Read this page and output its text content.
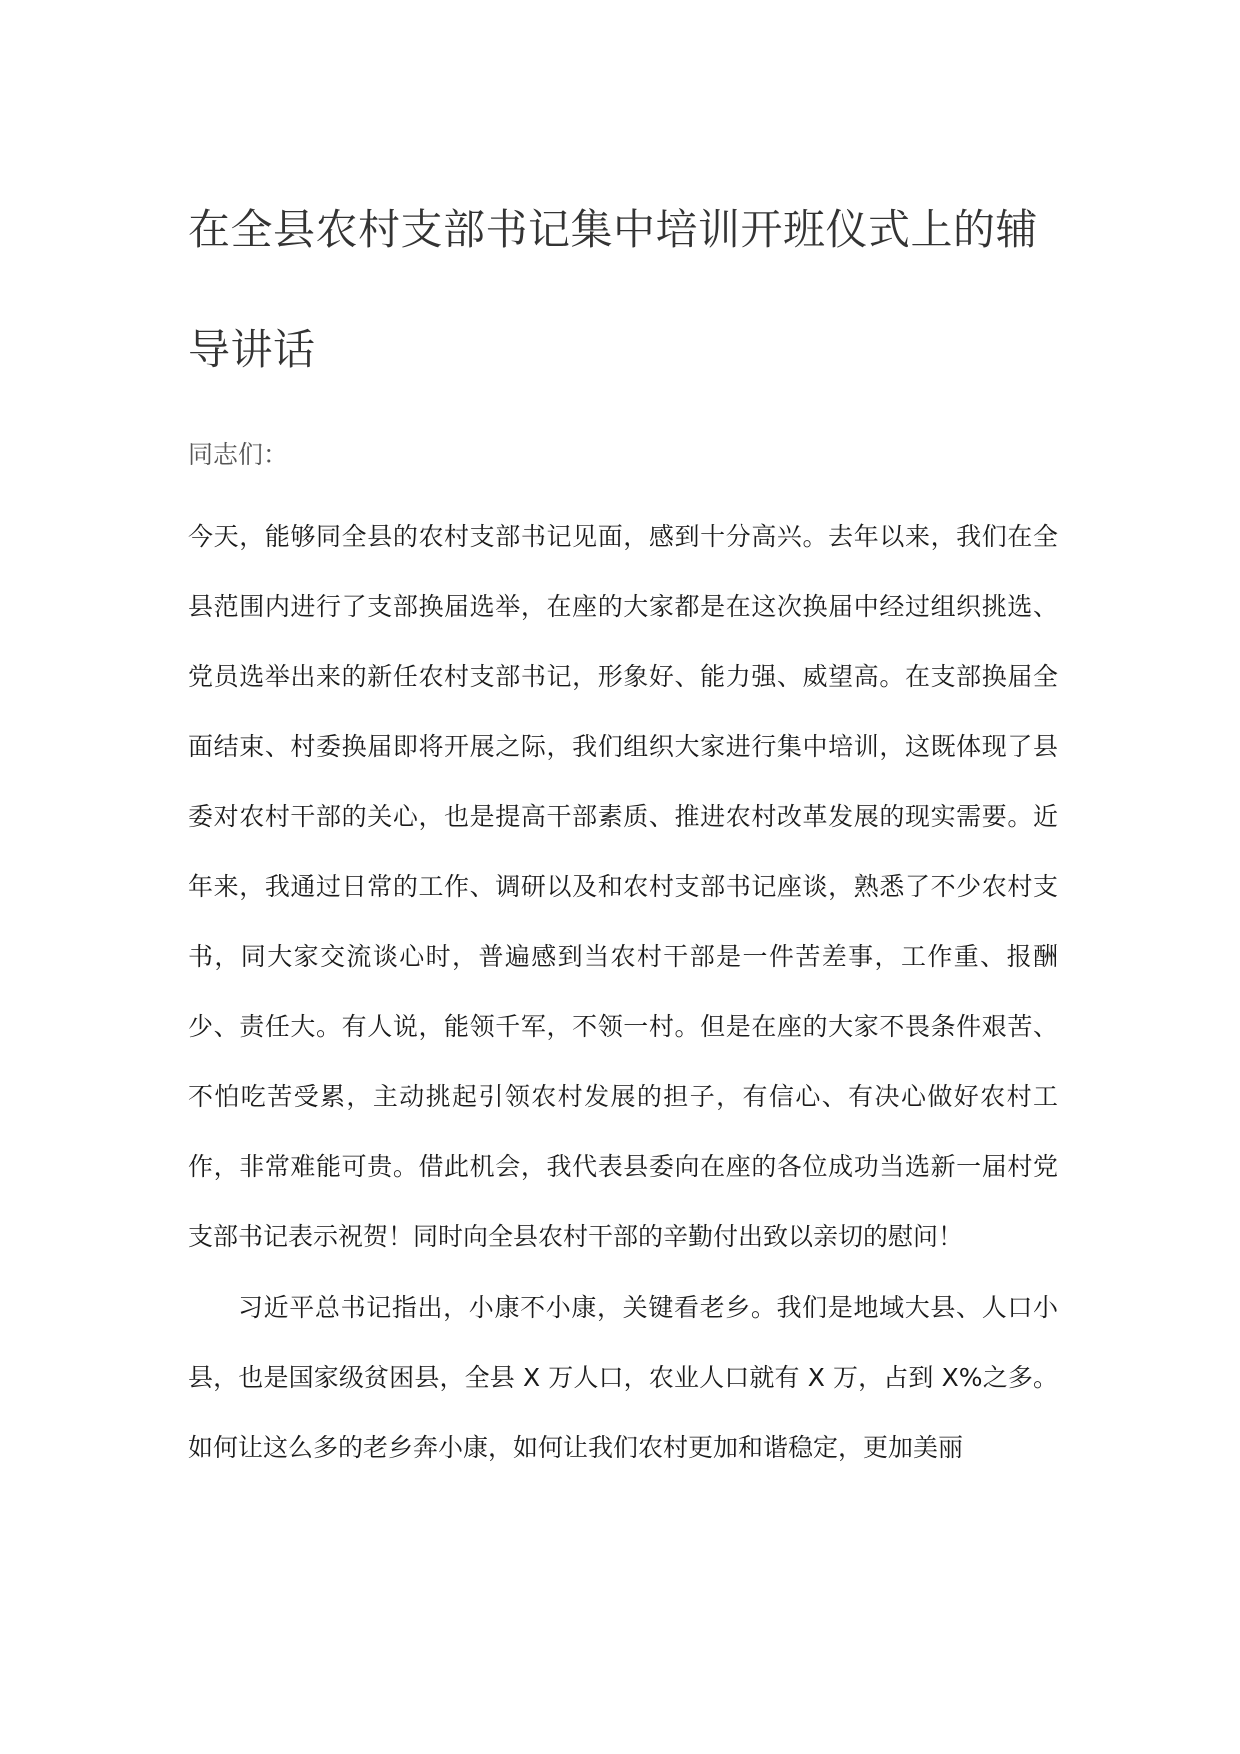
在全县农村支部书记集中培训开班仪式上的辅导讲话

同志们：

今天，能够同全县的农村支部书记见面，感到十分高兴。去年以来，我们在全县范围内进行了支部换届选举，在座的大家都是在这次换届中经过组织挑选、党员选举出来的新任农村支部书记，形象好、能力强、威望高。在支部换届全面结束、村委换届即将开展之际，我们组织大家进行集中培训，这既体现了县委对农村干部的关心，也是提高干部素质、推进农村改革发展的现实需要。近年来，我通过日常的工作、调研以及和农村支部书记座谈，熟悉了不少农村支书，同大家交流谈心时，普遍感到当农村干部是一件苦差事，工作重、报酬少、责任大。有人说，能领千军，不领一村。但是在座的大家不畏条件艰苦、不怕吃苦受累，主动挑起引领农村发展的担子，有信心、有决心做好农村工作，非常难能可贵。借此机会，我代表县委向在座的各位成功当选新一届村党支部书记表示祝贺！同时向全县农村干部的辛勤付出致以亲切的慰问！

习近平总书记指出，小康不小康，关键看老乡。我们是地域大县、人口小县，也是国家级贫困县，全县 X 万人口，农业人口就有 X 万，占到 X%之多。如何让这么多的老乡奔小康，如何让我们农村更加和谐稳定，更加美丽
